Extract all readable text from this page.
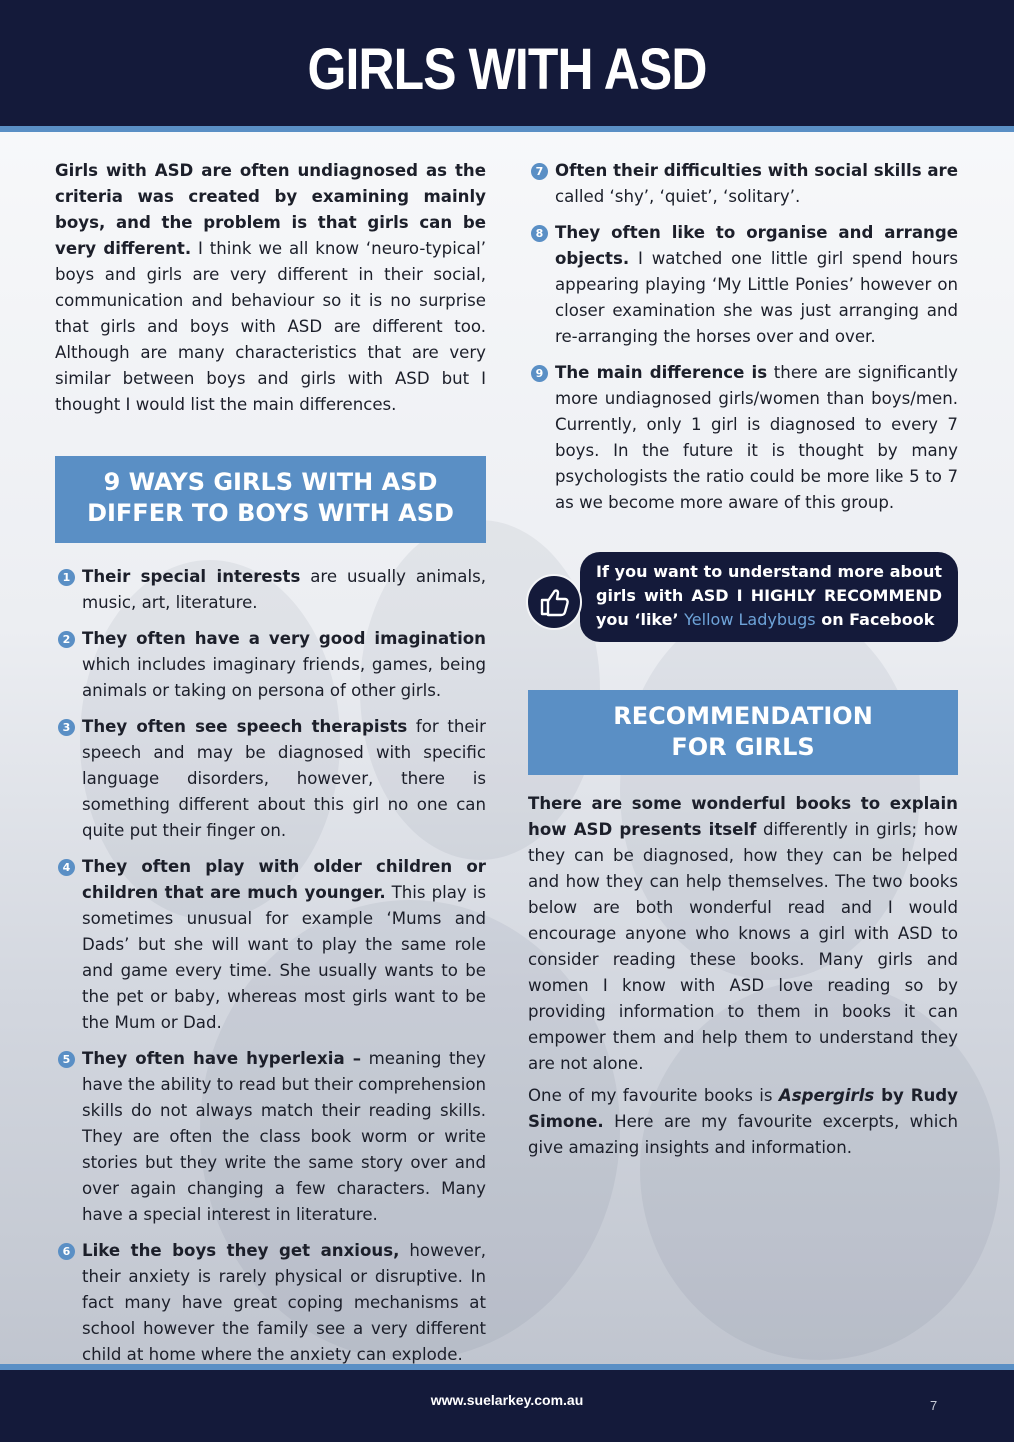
GIRLS WITH ASD

Girls with ASD are often undiagnosed as the criteria was created by examining mainly boys, and the problem is that girls can be very different. I think we all know ‘neuro-typical’ boys and girls are very different in their social, communication and behaviour so it is no surprise that girls and boys with ASD are different too. Although are many characteristics that are very similar between boys and girls with ASD but I thought I would list the main differences.

9 WAYS GIRLS WITH ASD
DIFFER TO BOYS WITH ASD
1 Their special interests are usually animals, music, art, literature.
2 They often have a very good imagination which includes imaginary friends, games, being animals or taking on persona of other girls.
3 They often see speech therapists for their speech and may be diagnosed with specific language disorders, however, there is something different about this girl no one can quite put their finger on.
4 They often play with older children or children that are much younger. This play is sometimes unusual for example ‘Mums and Dads’ but she will want to play the same role and game every time. She usually wants to be the pet or baby, whereas most girls want to be the Mum or Dad.
5 They often have hyperlexia – meaning they have the ability to read but their comprehension skills do not always match their reading skills. They are often the class book worm or write stories but they write the same story over and over again changing a few characters. Many have a special interest in literature.
6 Like the boys they get anxious, however, their anxiety is rarely physical or disruptive. In fact many have great coping mechanisms at school however the family see a very different child at home where the anxiety can explode.
7 Often their difficulties with social skills are called ‘shy’, ‘quiet’, ‘solitary’.
8 They often like to organise and arrange objects. I watched one little girl spend hours appearing playing ‘My Little Ponies’ however on closer examination she was just arranging and re-arranging the horses over and over.
9 The main difference is there are significantly more undiagnosed girls/women than boys/men. Currently, only 1 girl is diagnosed to every 7 boys. In the future it is thought by many psychologists the ratio could be more like 5 to 7 as we become more aware of this group.
If you want to understand more about girls with ASD I HIGHLY RECOMMEND you ‘like’ Yellow Ladybugs on Facebook
RECOMMENDATION
FOR GIRLS

There are some wonderful books to explain how ASD presents itself differently in girls; how they can be diagnosed, how they can be helped and how they can help themselves. The two books below are both wonderful read and I would encourage anyone who knows a girl with ASD to consider reading these books. Many girls and women I know with ASD love reading so by providing information to them in books it can empower them and help them to understand they are not alone.

One of my favourite books is Aspergirls by Rudy Simone. Here are my favourite excerpts, which give amazing insights and information.

www.suelarkey.com.au	7
